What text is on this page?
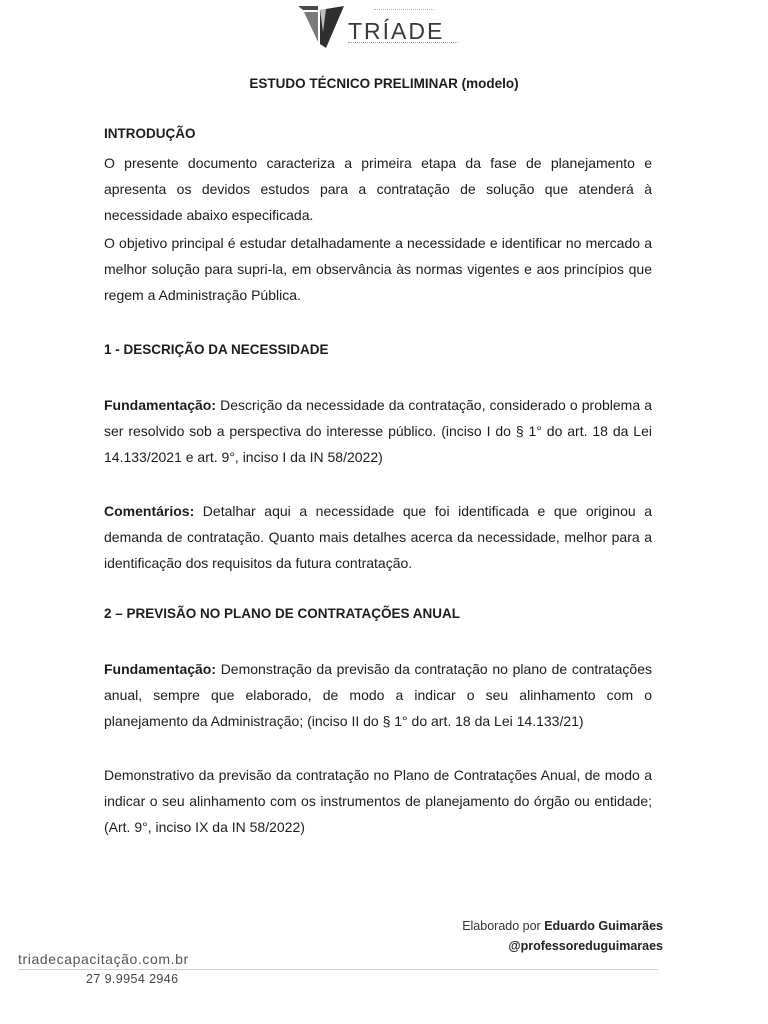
TRÍADE
ESTUDO TÉCNICO PRELIMINAR (modelo)
INTRODUÇÃO
O presente documento caracteriza a primeira etapa da fase de planejamento e apresenta os devidos estudos para a contratação de solução que atenderá à necessidade abaixo especificada.
O objetivo principal é estudar detalhadamente a necessidade e identificar no mercado a melhor solução para supri-la, em observância às normas vigentes e aos princípios que regem a Administração Pública.
1 - DESCRIÇÃO DA NECESSIDADE
Fundamentação: Descrição da necessidade da contratação, considerado o problema a ser resolvido sob a perspectiva do interesse público. (inciso I do § 1° do art. 18 da Lei 14.133/2021 e art. 9°, inciso I da IN 58/2022)
Comentários: Detalhar aqui a necessidade que foi identificada e que originou a demanda de contratação. Quanto mais detalhes acerca da necessidade, melhor para a identificação dos requisitos da futura contratação.
2 – PREVISÃO NO PLANO DE CONTRATAÇÕES ANUAL
Fundamentação: Demonstração da previsão da contratação no plano de contratações anual, sempre que elaborado, de modo a indicar o seu alinhamento com o planejamento da Administração; (inciso II do § 1° do art. 18 da Lei 14.133/21)
Demonstrativo da previsão da contratação no Plano de Contratações Anual, de modo a indicar o seu alinhamento com os instrumentos de planejamento do órgão ou entidade; (Art. 9°, inciso IX da IN 58/2022)
Elaborado por Eduardo Guimarães
@professoreduguimaraes
triadecapacitação.com.br
27 9.9954 2946
